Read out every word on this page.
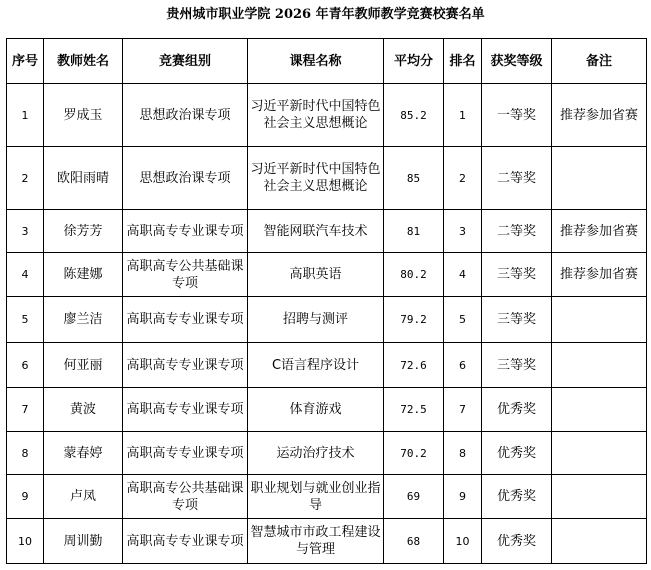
贵州城市职业学院 2026 年青年教师教学竞赛校赛名单
序号	教师姓名	竞赛组别	课程名称	平均分	排名	获奖等级	备注
1	罗成玉	思想政治课专项	习近平新时代中国特色社会主义思想概论	85.2	1	一等奖	推荐参加省赛
2	欧阳雨晴	思想政治课专项	习近平新时代中国特色社会主义思想概论	85	2	二等奖	
3	徐芳芳	高职高专专业课专项	智能网联汽车技术	81	3	二等奖	推荐参加省赛
4	陈建娜	高职高专公共基础课专项	高职英语	80.2	4	三等奖	推荐参加省赛
5	廖兰洁	高职高专专业课专项	招聘与测评	79.2	5	三等奖	
6	何亚丽	高职高专专业课专项	C语言程序设计	72.6	6	三等奖	
7	黄波	高职高专专业课专项	体育游戏	72.5	7	优秀奖	
8	蒙春婷	高职高专专业课专项	运动治疗技术	70.2	8	优秀奖	
9	卢凤	高职高专公共基础课专项	职业规划与就业创业指导	69	9	优秀奖	
10	周训勤	高职高专专业课专项	智慧城市市政工程建设与管理	68	10	优秀奖	
